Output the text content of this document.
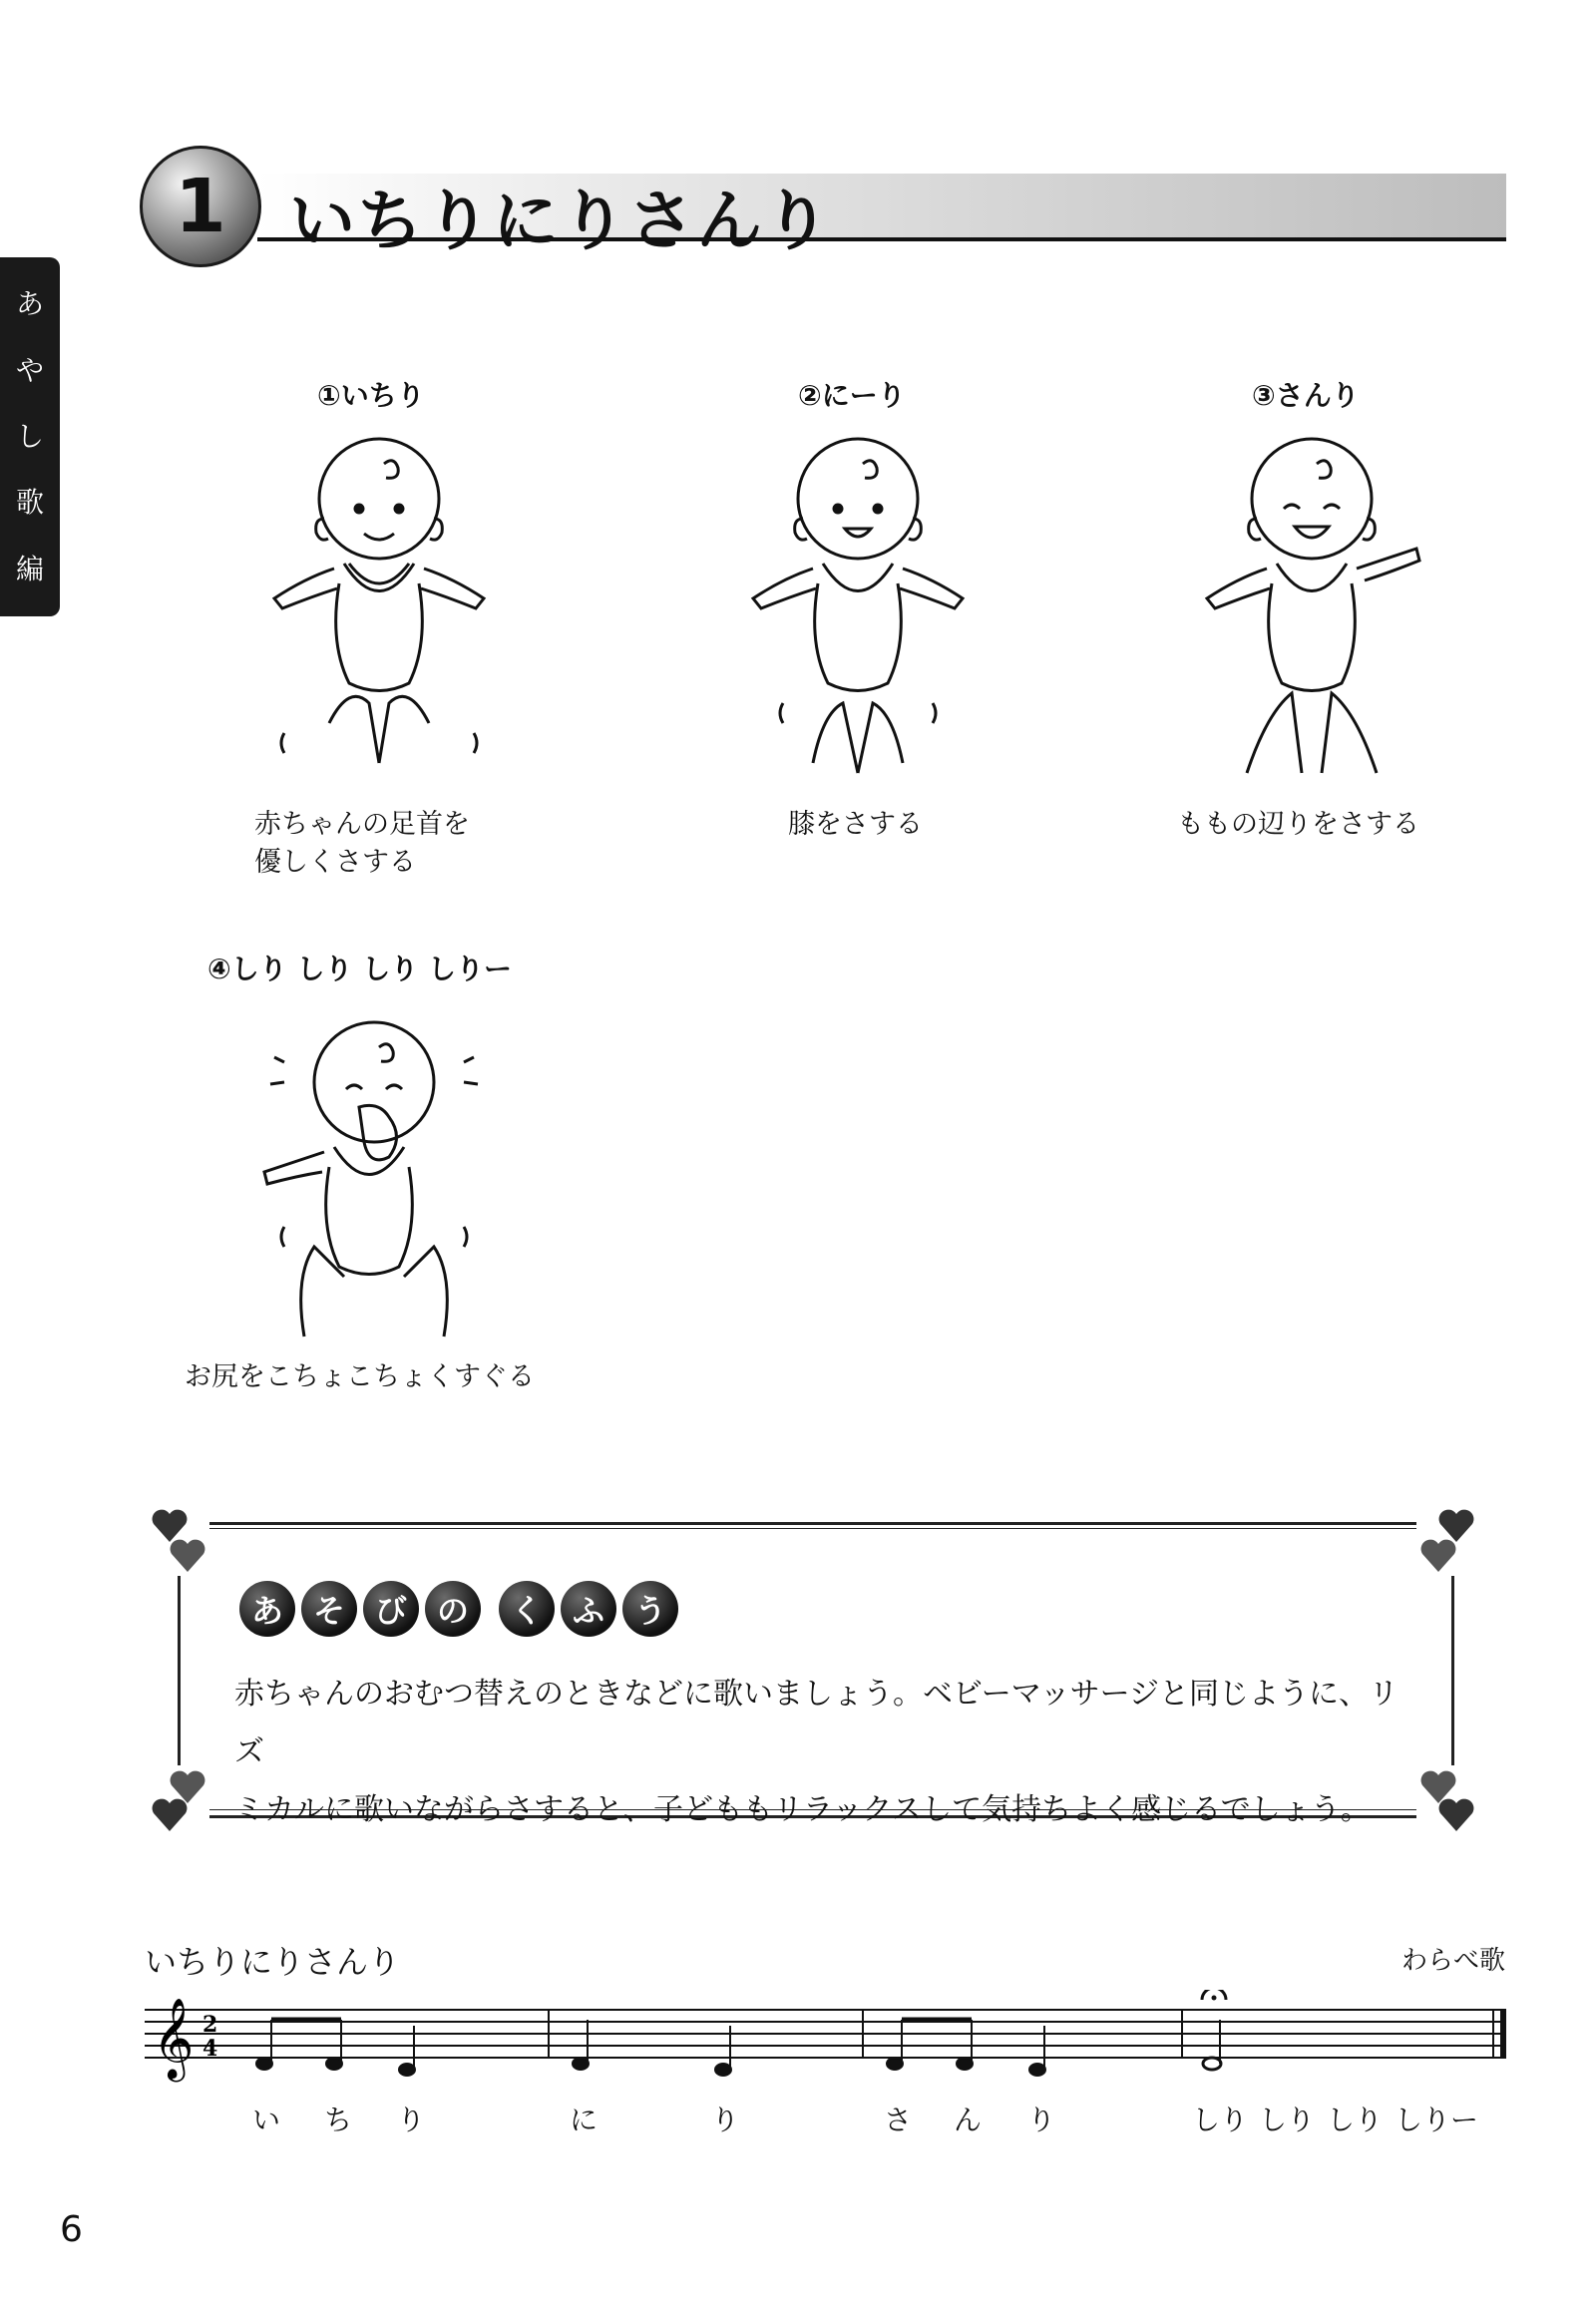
あ
や
し
歌
編
1 いちりにりさんり
①いちり
赤ちゃんの足首を
優しくさする
②にーり
膝をさする
③さんり
ももの辺りをさする
④しり しり しり しりー
お尻をこちょこちょくすぐる
あ そ び の	く ふ う
赤ちゃんのおむつ替えのときなどに歌いましょう。ベビーマッサージと同じように、リズ
ミカルに歌いながらさすると、子どももリラックスして気持ちよく感じるでしょう。
いちりにりさんり	わらべ歌
𝄞 2
4
い ち り	に	り	さ ん り	しり しり しり しりー
6
